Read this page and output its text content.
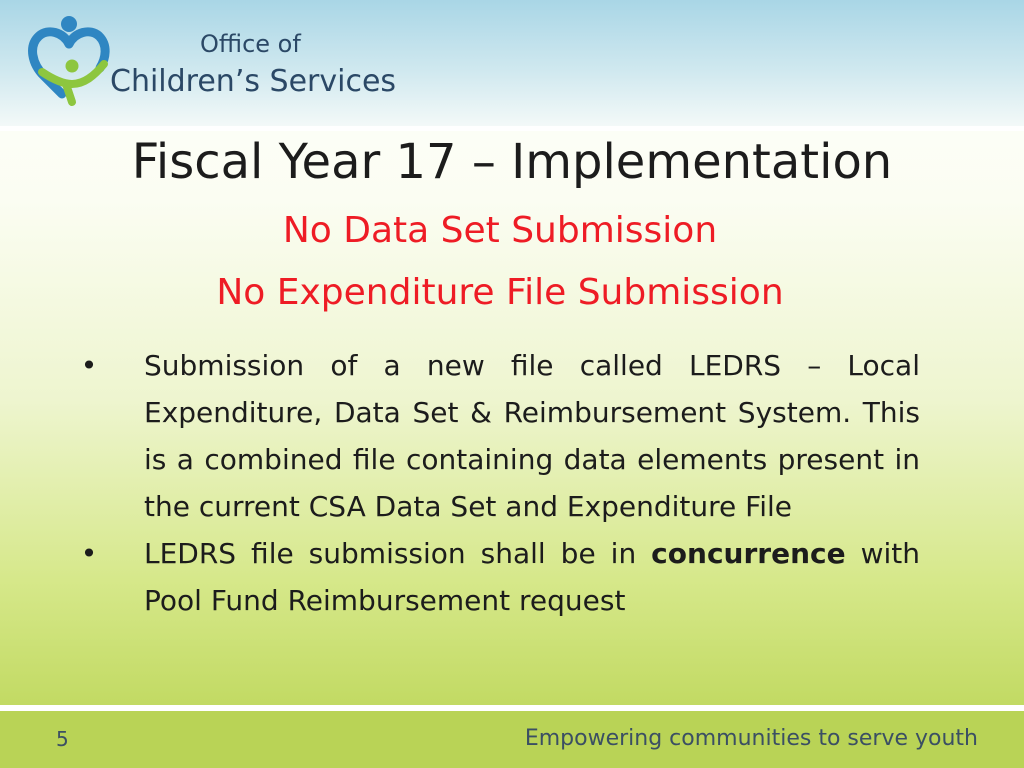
Office of
Children’s Services
Fiscal Year 17 – Implementation
No Data Set Submission
No Expenditure File Submission
• Submission of a new file called LEDRS – Local Expenditure, Data Set & Reimbursement System. This is a combined file containing data elements present in the current CSA Data Set and Expenditure File
• LEDRS file submission shall be in concurrence with Pool Fund Reimbursement request
5	Empowering communities to serve youth
